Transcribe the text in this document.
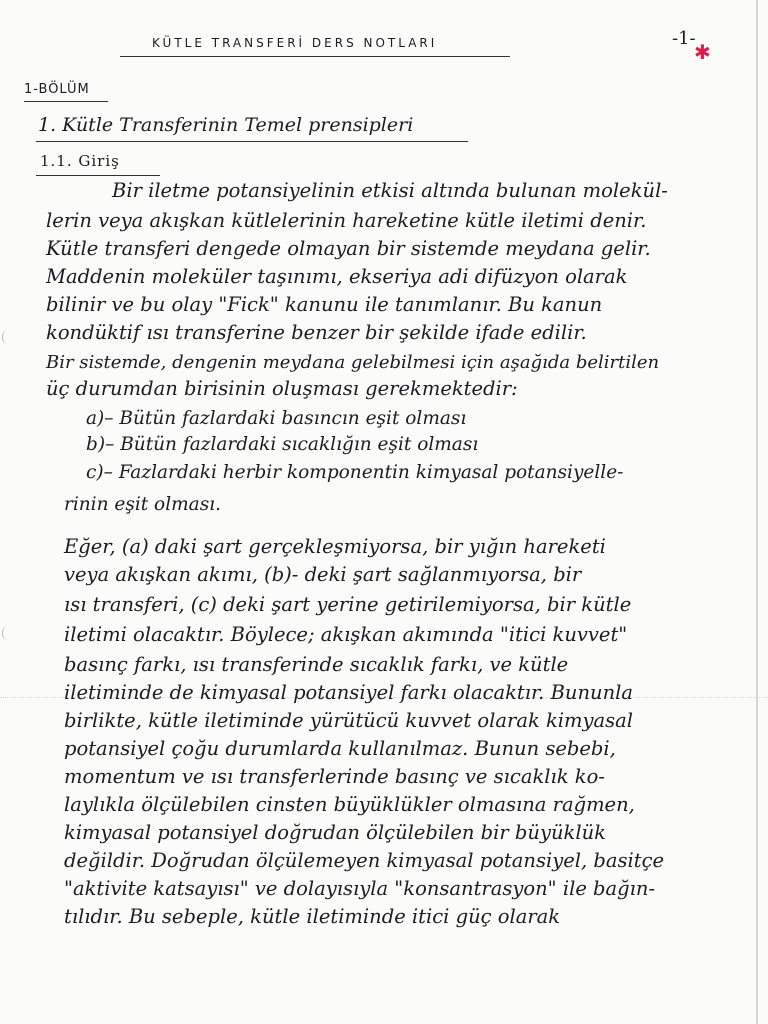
KÜTLE TRANSFERİ DERS NOTLARI	-1-
✱
1-BÖLÜM
1. Kütle Transferinin Temel prensipleri
1.1. Giriş
Bir iletme potansiyelinin etkisi altında bulunan molekül-
lerin veya akışkan kütlelerinin hareketine kütle iletimi denir.
Kütle transferi dengede olmayan bir sistemde meydana gelir.
Maddenin moleküler taşınımı, ekseriya adi difüzyon olarak
bilinir ve bu olay "Fick" kanunu ile tanımlanır. Bu kanun
kondüktif ısı transferine benzer bir şekilde ifade edilir.
Bir sistemde, dengenin meydana gelebilmesi için aşağıda belirtilen
üç durumdan birisinin oluşması gerekmektedir:
a)– Bütün fazlardaki basıncın eşit olması
b)– Bütün fazlardaki sıcaklığın eşit olması
c)– Fazlardaki herbir komponentin kimyasal potansiyelle-
rinin eşit olması.
Eğer, (a) daki şart gerçekleşmiyorsa, bir yığın hareketi
veya akışkan akımı, (b)- deki şart sağlanmıyorsa, bir
ısı transferi, (c) deki şart yerine getirilemiyorsa, bir kütle
iletimi olacaktır. Böylece; akışkan akımında "itici kuvvet"
basınç farkı, ısı transferinde sıcaklık farkı, ve kütle
iletiminde de kimyasal potansiyel farkı olacaktır. Bununla
birlikte, kütle iletiminde yürütücü kuvvet olarak kimyasal
potansiyel çoğu durumlarda kullanılmaz. Bunun sebebi,
momentum ve ısı transferlerinde basınç ve sıcaklık ko-
laylıkla ölçülebilen cinsten büyüklükler olmasına rağmen,
kimyasal potansiyel doğrudan ölçülebilen bir büyüklük
değildir. Doğrudan ölçülemeyen kimyasal potansiyel, basitçe
"aktivite katsayısı" ve dolayısıyla "konsantrasyon" ile bağın-
tılıdır. Bu sebeple, kütle iletiminde itici güç olarak
